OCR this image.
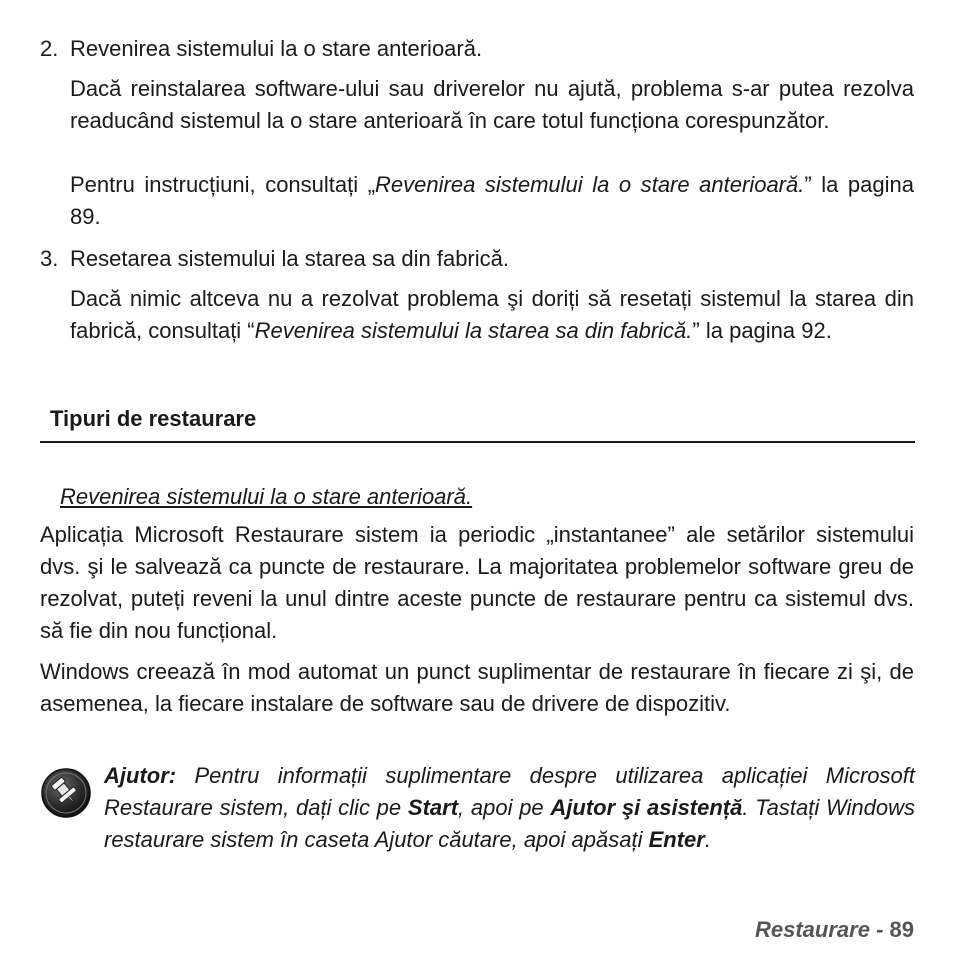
2. Revenirea sistemului la o stare anterioară.
Dacă reinstalarea software-ului sau driverelor nu ajută, problema s-ar putea rezolva readucând sistemul la o stare anterioară în care totul funcționa corespunzător.
Pentru instrucțiuni, consultați „Revenirea sistemului la o stare anterioară.” la pagina 89.
3. Resetarea sistemului la starea sa din fabrică.
Dacă nimic altceva nu a rezolvat problema şi doriți să resetați sistemul la starea din fabrică, consultați “Revenirea sistemului la starea sa din fabrică.” la pagina 92.
Tipuri de restaurare
Revenirea sistemului la o stare anterioară.
Aplicația Microsoft Restaurare sistem ia periodic „instantanee” ale setărilor sistemului dvs. şi le salvează ca puncte de restaurare. La majoritatea problemelor software greu de rezolvat, puteți reveni la unul dintre aceste puncte de restaurare pentru ca sistemul dvs. să fie din nou funcțional.
Windows creează în mod automat un punct suplimentar de restaurare în fiecare zi şi, de asemenea, la fiecare instalare de software sau de drivere de dispozitiv.
Ajutor: Pentru informații suplimentare despre utilizarea aplicației Microsoft Restaurare sistem, dați clic pe Start, apoi pe Ajutor şi asistență. Tastați Windows restaurare sistem în caseta Ajutor căutare, apoi apăsați Enter.
Restaurare - 89
